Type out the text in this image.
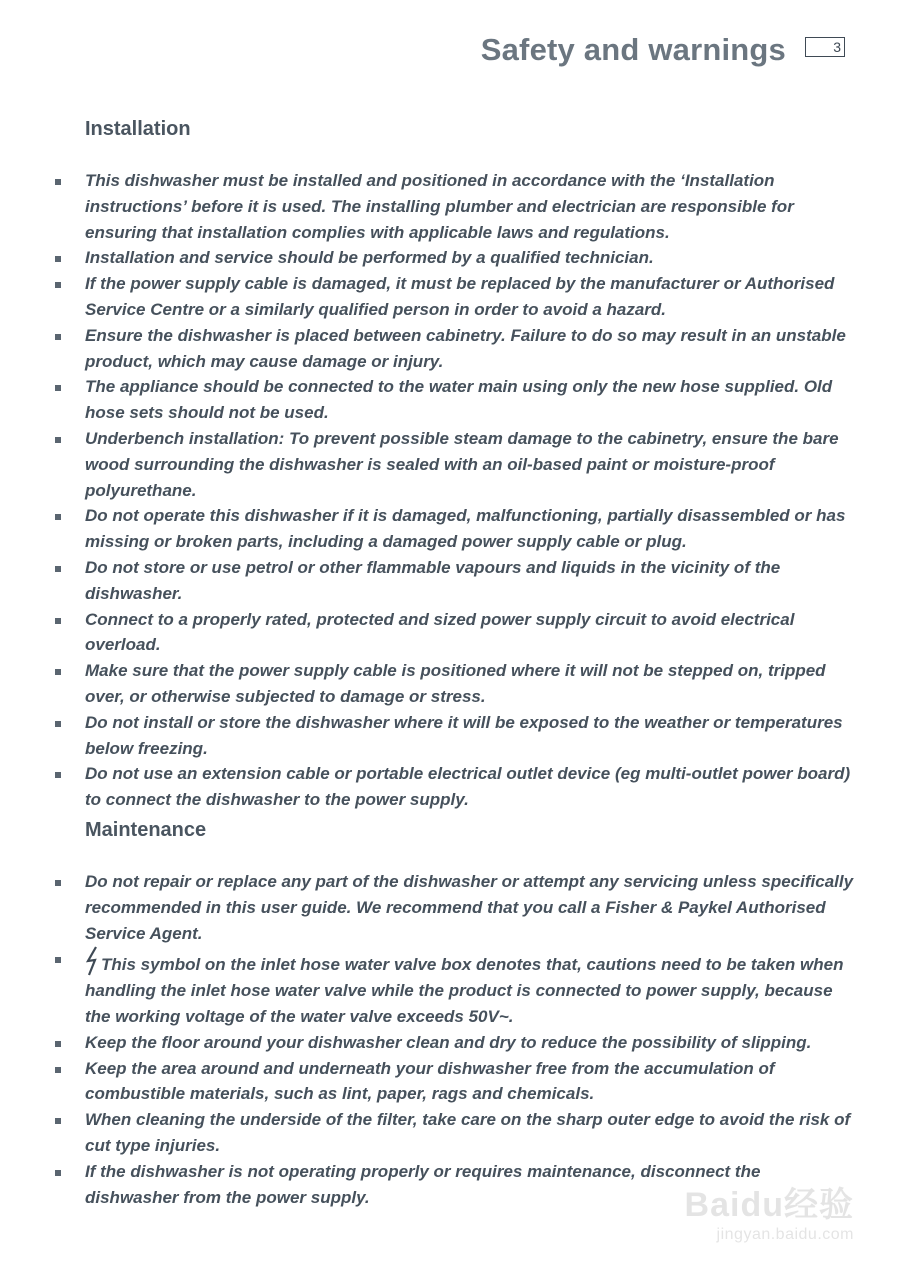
Safety and warnings	3
Installation
This dishwasher must be installed and positioned in accordance with the ‘Installation instructions’ before it is used. The installing plumber and electrician are responsible for ensuring that installation complies with applicable laws and regulations.
Installation and service should be performed by a qualified technician.
If the power supply cable is damaged, it must be replaced by the manufacturer or Authorised Service Centre or a similarly qualified person in order to avoid a hazard.
Ensure the dishwasher is placed between cabinetry. Failure to do so may result in an unstable product, which may cause damage or injury.
The appliance should be connected to the water main using only the new hose supplied. Old hose sets should not be used.
Underbench installation: To prevent possible steam damage to the cabinetry, ensure the bare wood surrounding the dishwasher is sealed with an oil-based paint or moisture-proof polyurethane.
Do not operate this dishwasher if it is damaged, malfunctioning, partially disassembled or has missing or broken parts, including a damaged power supply cable or plug.
Do not store or use petrol or other flammable vapours and liquids in the vicinity of the dishwasher.
Connect to a properly rated, protected and sized power supply circuit to avoid electrical overload.
Make sure that the power supply cable is positioned where it will not be stepped on, tripped over, or otherwise subjected to damage or stress.
Do not install or store the dishwasher where it will be exposed to the weather or temperatures below freezing.
Do not use an extension cable or portable electrical outlet device (eg multi-outlet power board) to connect the dishwasher to the power supply.
Maintenance
Do not repair or replace any part of the dishwasher or attempt any servicing unless specifically recommended in this user guide. We recommend that you call a Fisher & Paykel Authorised Service Agent.
This symbol on the inlet hose water valve box denotes that, cautions need to be taken when handling the inlet hose water valve while the product is connected to power supply, because the working voltage of the water valve exceeds 50V~.
Keep the floor around your dishwasher clean and dry to reduce the possibility of slipping.
Keep the area around and underneath your dishwasher free from the accumulation of combustible materials, such as lint, paper, rags and chemicals.
When cleaning the underside of the filter, take care on the sharp outer edge to avoid the risk of cut type injuries.
If the dishwasher is not operating properly or requires maintenance, disconnect the dishwasher from the power supply.	Baidu经验
jingyan.baidu.com
